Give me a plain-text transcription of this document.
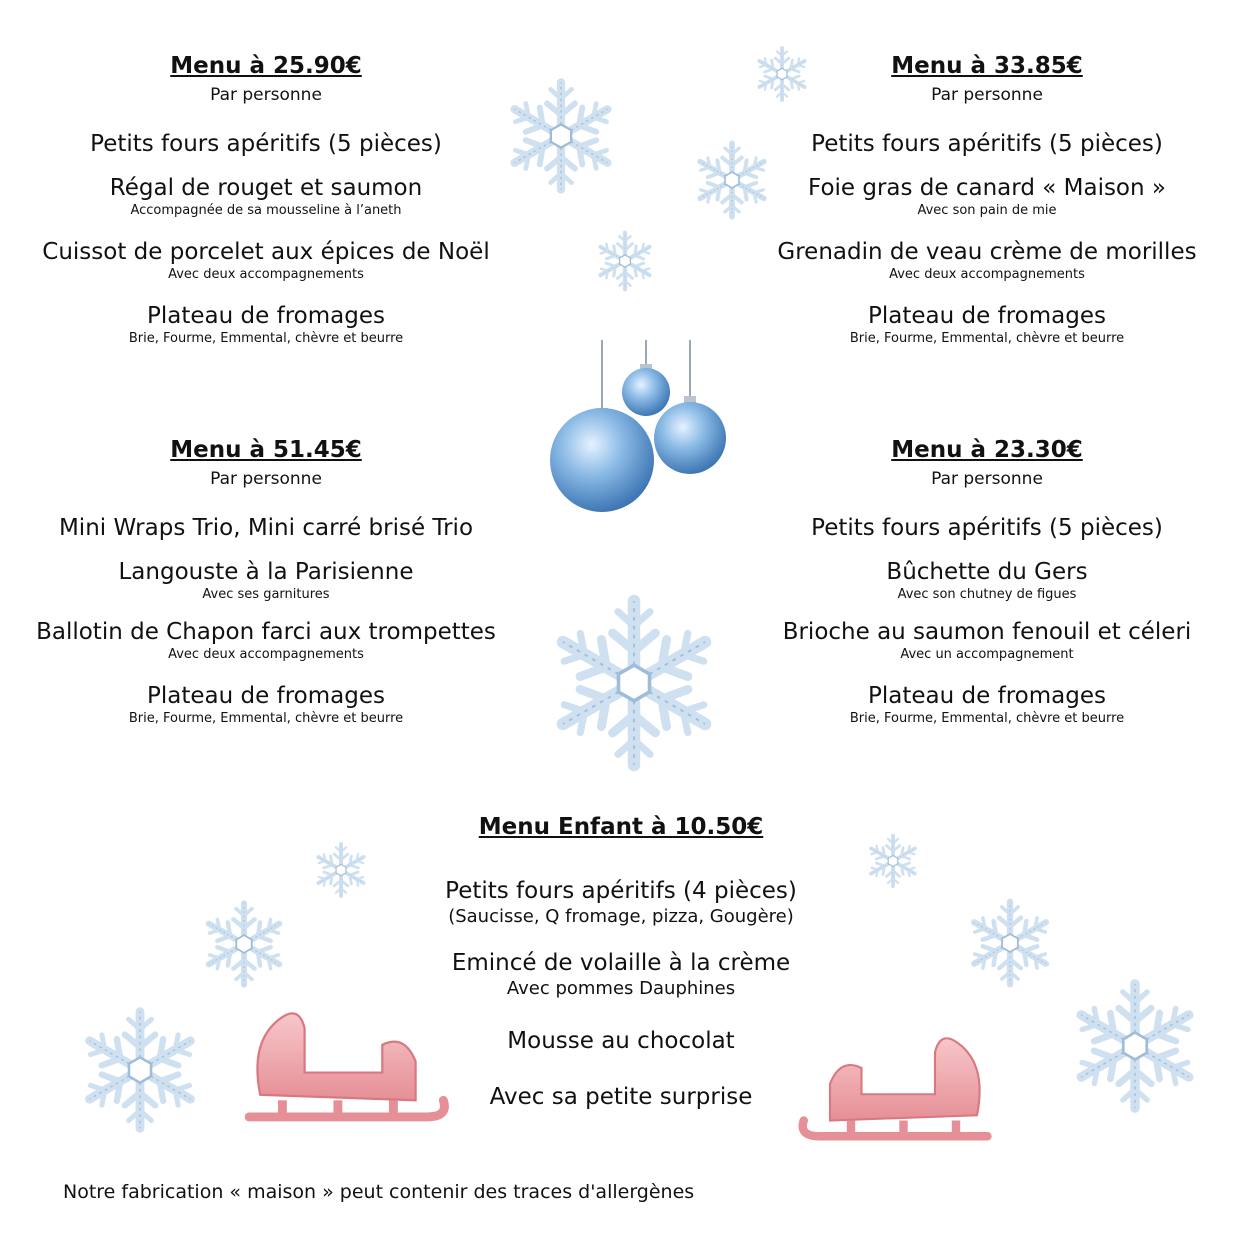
Menu à 25.90€
Par personne
Petits fours apéritifs (5 pièces)
Régal de rouget et saumon
Accompagnée de sa mousseline à l’aneth
Cuissot de porcelet aux épices de Noël
Avec deux accompagnements
Plateau de fromages
Brie, Fourme, Emmental, chèvre et beurre
Menu à 33.85€
Par personne
Petits fours apéritifs (5 pièces)
Foie gras de canard « Maison »
Avec son pain de mie
Grenadin de veau crème de morilles
Avec deux accompagnements
Plateau de fromages
Brie, Fourme, Emmental, chèvre et beurre
Menu à 51.45€
Par personne
Mini Wraps Trio, Mini carré brisé Trio
Langouste à la Parisienne
Avec ses garnitures
Ballotin de Chapon farci aux trompettes
Avec deux accompagnements
Plateau de fromages
Brie, Fourme, Emmental, chèvre et beurre
Menu à 23.30€
Par personne
Petits fours apéritifs (5 pièces)
Bûchette du Gers
Avec son chutney de figues
Brioche au saumon fenouil et céleri
Avec un accompagnement
Plateau de fromages
Brie, Fourme, Emmental, chèvre et beurre
Menu Enfant à 10.50€
Petits fours apéritifs (4 pièces)
(Saucisse, Q fromage, pizza, Gougère)
Emincé de volaille à la crème
Avec pommes Dauphines
Mousse au chocolat
Avec sa petite surprise
Notre fabrication « maison » peut contenir des traces d'allergènes
